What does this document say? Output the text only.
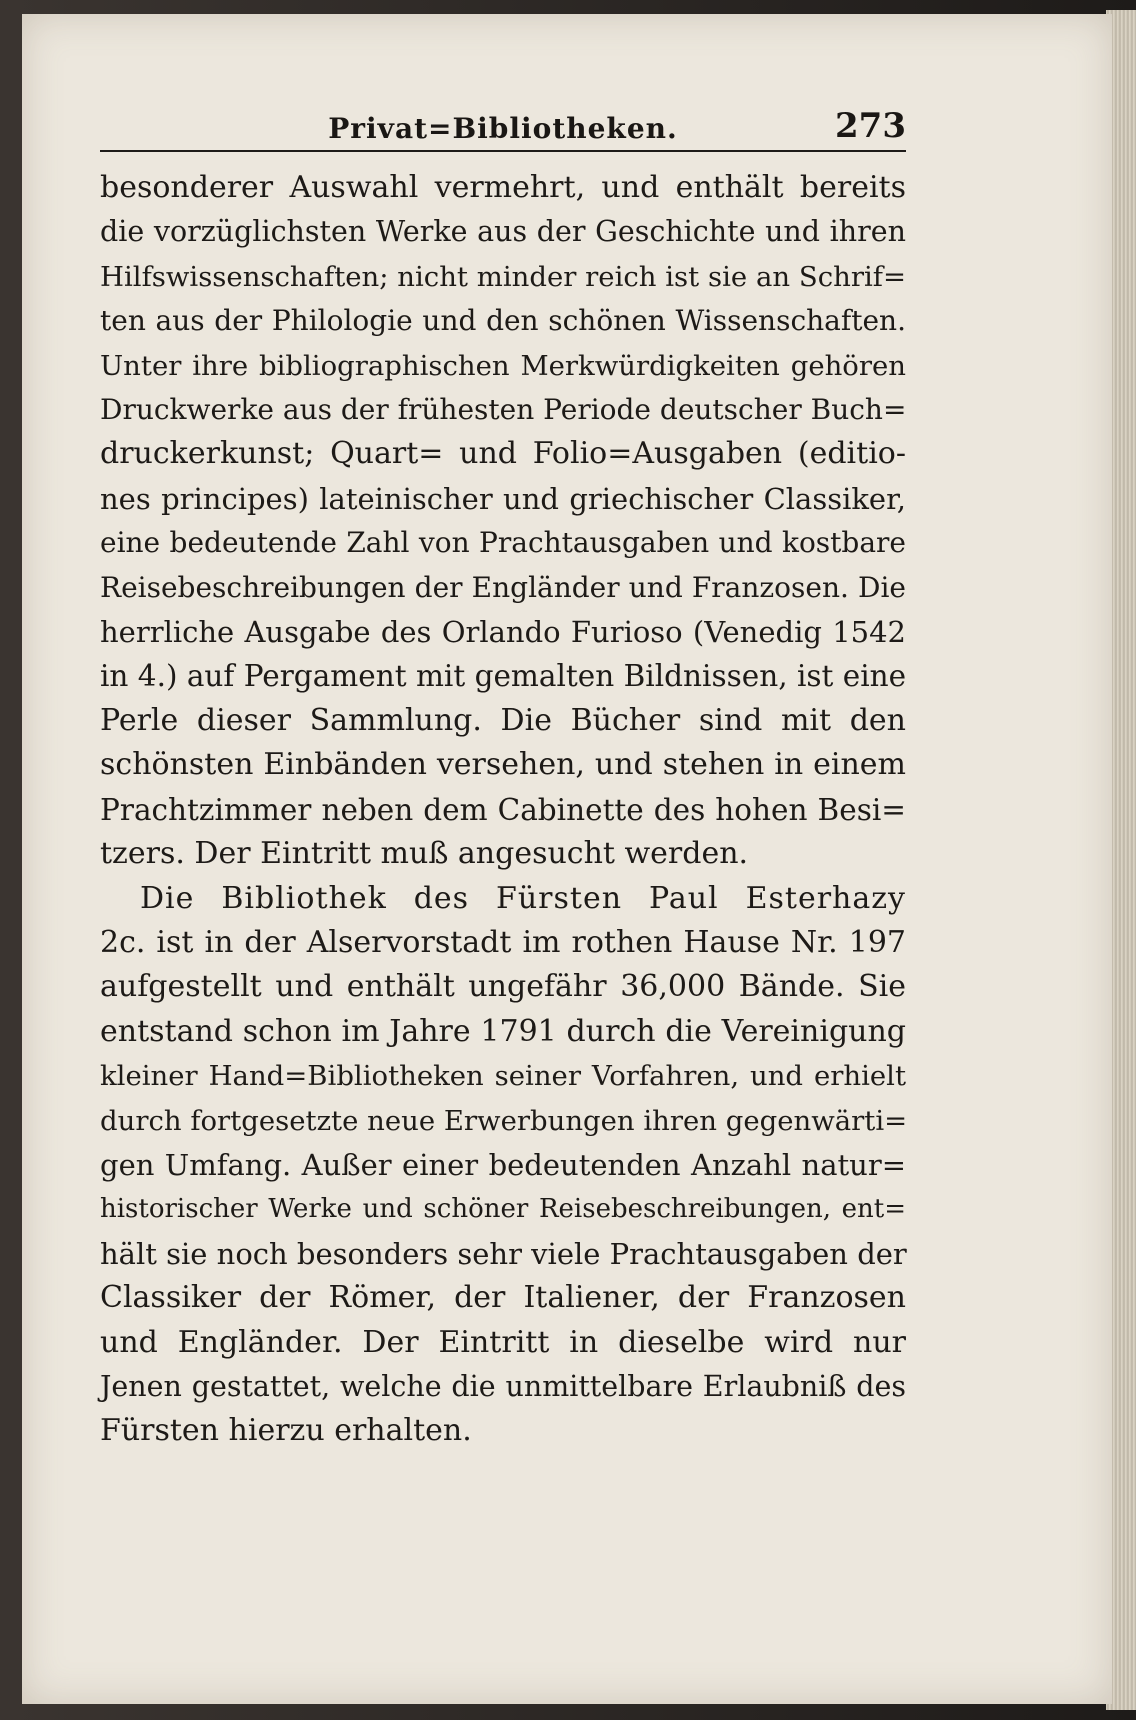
Privat=Bibliotheken.	273
besonderer Auswahl vermehrt, und enthält bereits
die vorzüglichsten Werke aus der Geschichte und ihren
Hilfswissenschaften; nicht minder reich ist sie an Schrif=
ten aus der Philologie und den schönen Wissenschaften.
Unter ihre bibliographischen Merkwürdigkeiten gehören
Druckwerke aus der frühesten Periode deutscher Buch=
druckerkunst; Quart= und Folio=Ausgaben (editio-
nes principes) lateinischer und griechischer Classiker,
eine bedeutende Zahl von Prachtausgaben und kostbare
Reisebeschreibungen der Engländer und Franzosen. Die
herrliche Ausgabe des Orlando Furioso (Venedig 1542
in 4.) auf Pergament mit gemalten Bildnissen, ist eine
Perle dieser Sammlung. Die Bücher sind mit den
schönsten Einbänden versehen, und stehen in einem
Prachtzimmer neben dem Cabinette des hohen Besi=
tzers. Der Eintritt muß angesucht werden.
Die Bibliothek des Fürsten Paul Esterhazy
2c. ist in der Alservorstadt im rothen Hause Nr. 197
aufgestellt und enthält ungefähr 36,000 Bände. Sie
entstand schon im Jahre 1791 durch die Vereinigung
kleiner Hand=Bibliotheken seiner Vorfahren, und erhielt
durch fortgesetzte neue Erwerbungen ihren gegenwärti=
gen Umfang. Außer einer bedeutenden Anzahl natur=
historischer Werke und schöner Reisebeschreibungen, ent=
hält sie noch besonders sehr viele Prachtausgaben der
Classiker der Römer, der Italiener, der Franzosen
und Engländer. Der Eintritt in dieselbe wird nur
Jenen gestattet, welche die unmittelbare Erlaubniß des
Fürsten hierzu erhalten.
